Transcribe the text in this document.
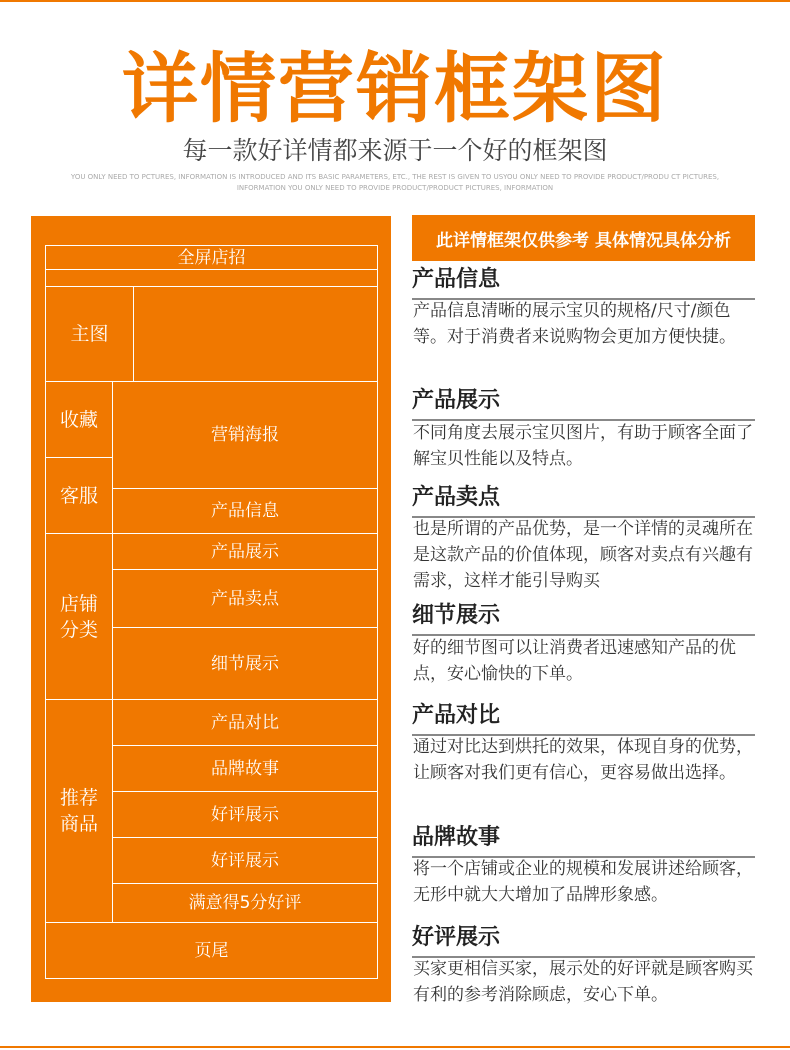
详情营销框架图
每一款好详情都来源于一个好的框架图
YOU ONLY NEED TO PCTURES, INFORMATION IS INTRODUCED AND ITS BASIC PARAMETERS, ETC., THE REST IS GIVEN TO USYOU ONLY NEED TO PROVIDE PRODUCT/PRODU CT PICTURES, INFORMATION YOU ONLY NEED TO PROVIDE PRODUCT/PRODUCT PICTURES, INFORMATION
全屏店招
主图
收藏
客服
营销海报
产品信息
店铺
分类
产品展示
产品卖点
细节展示
推荐
商品
产品对比
品牌故事
好评展示
好评展示
满意得5分好评
页尾
此详情框架仅供参考 具体情况具体分析
产品信息
产品信息清晰的展示宝贝的规格/尺寸/颜色等。对于消费者来说购物会更加方便快捷。
产品展示
不同角度去展示宝贝图片，有助于顾客全面了解宝贝性能以及特点。
产品卖点
也是所谓的产品优势，是一个详情的灵魂所在是这款产品的价值体现，顾客对卖点有兴趣有需求，这样才能引导购买
细节展示
好的细节图可以让消费者迅速感知产品的优点，安心愉快的下单。
产品对比
通过对比达到烘托的效果，体现自身的优势，让顾客对我们更有信心，更容易做出选择。
品牌故事
将一个店铺或企业的规模和发展讲述给顾客，无形中就大大增加了品牌形象感。
好评展示
买家更相信买家，展示处的好评就是顾客购买有利的参考消除顾虑，安心下单。
